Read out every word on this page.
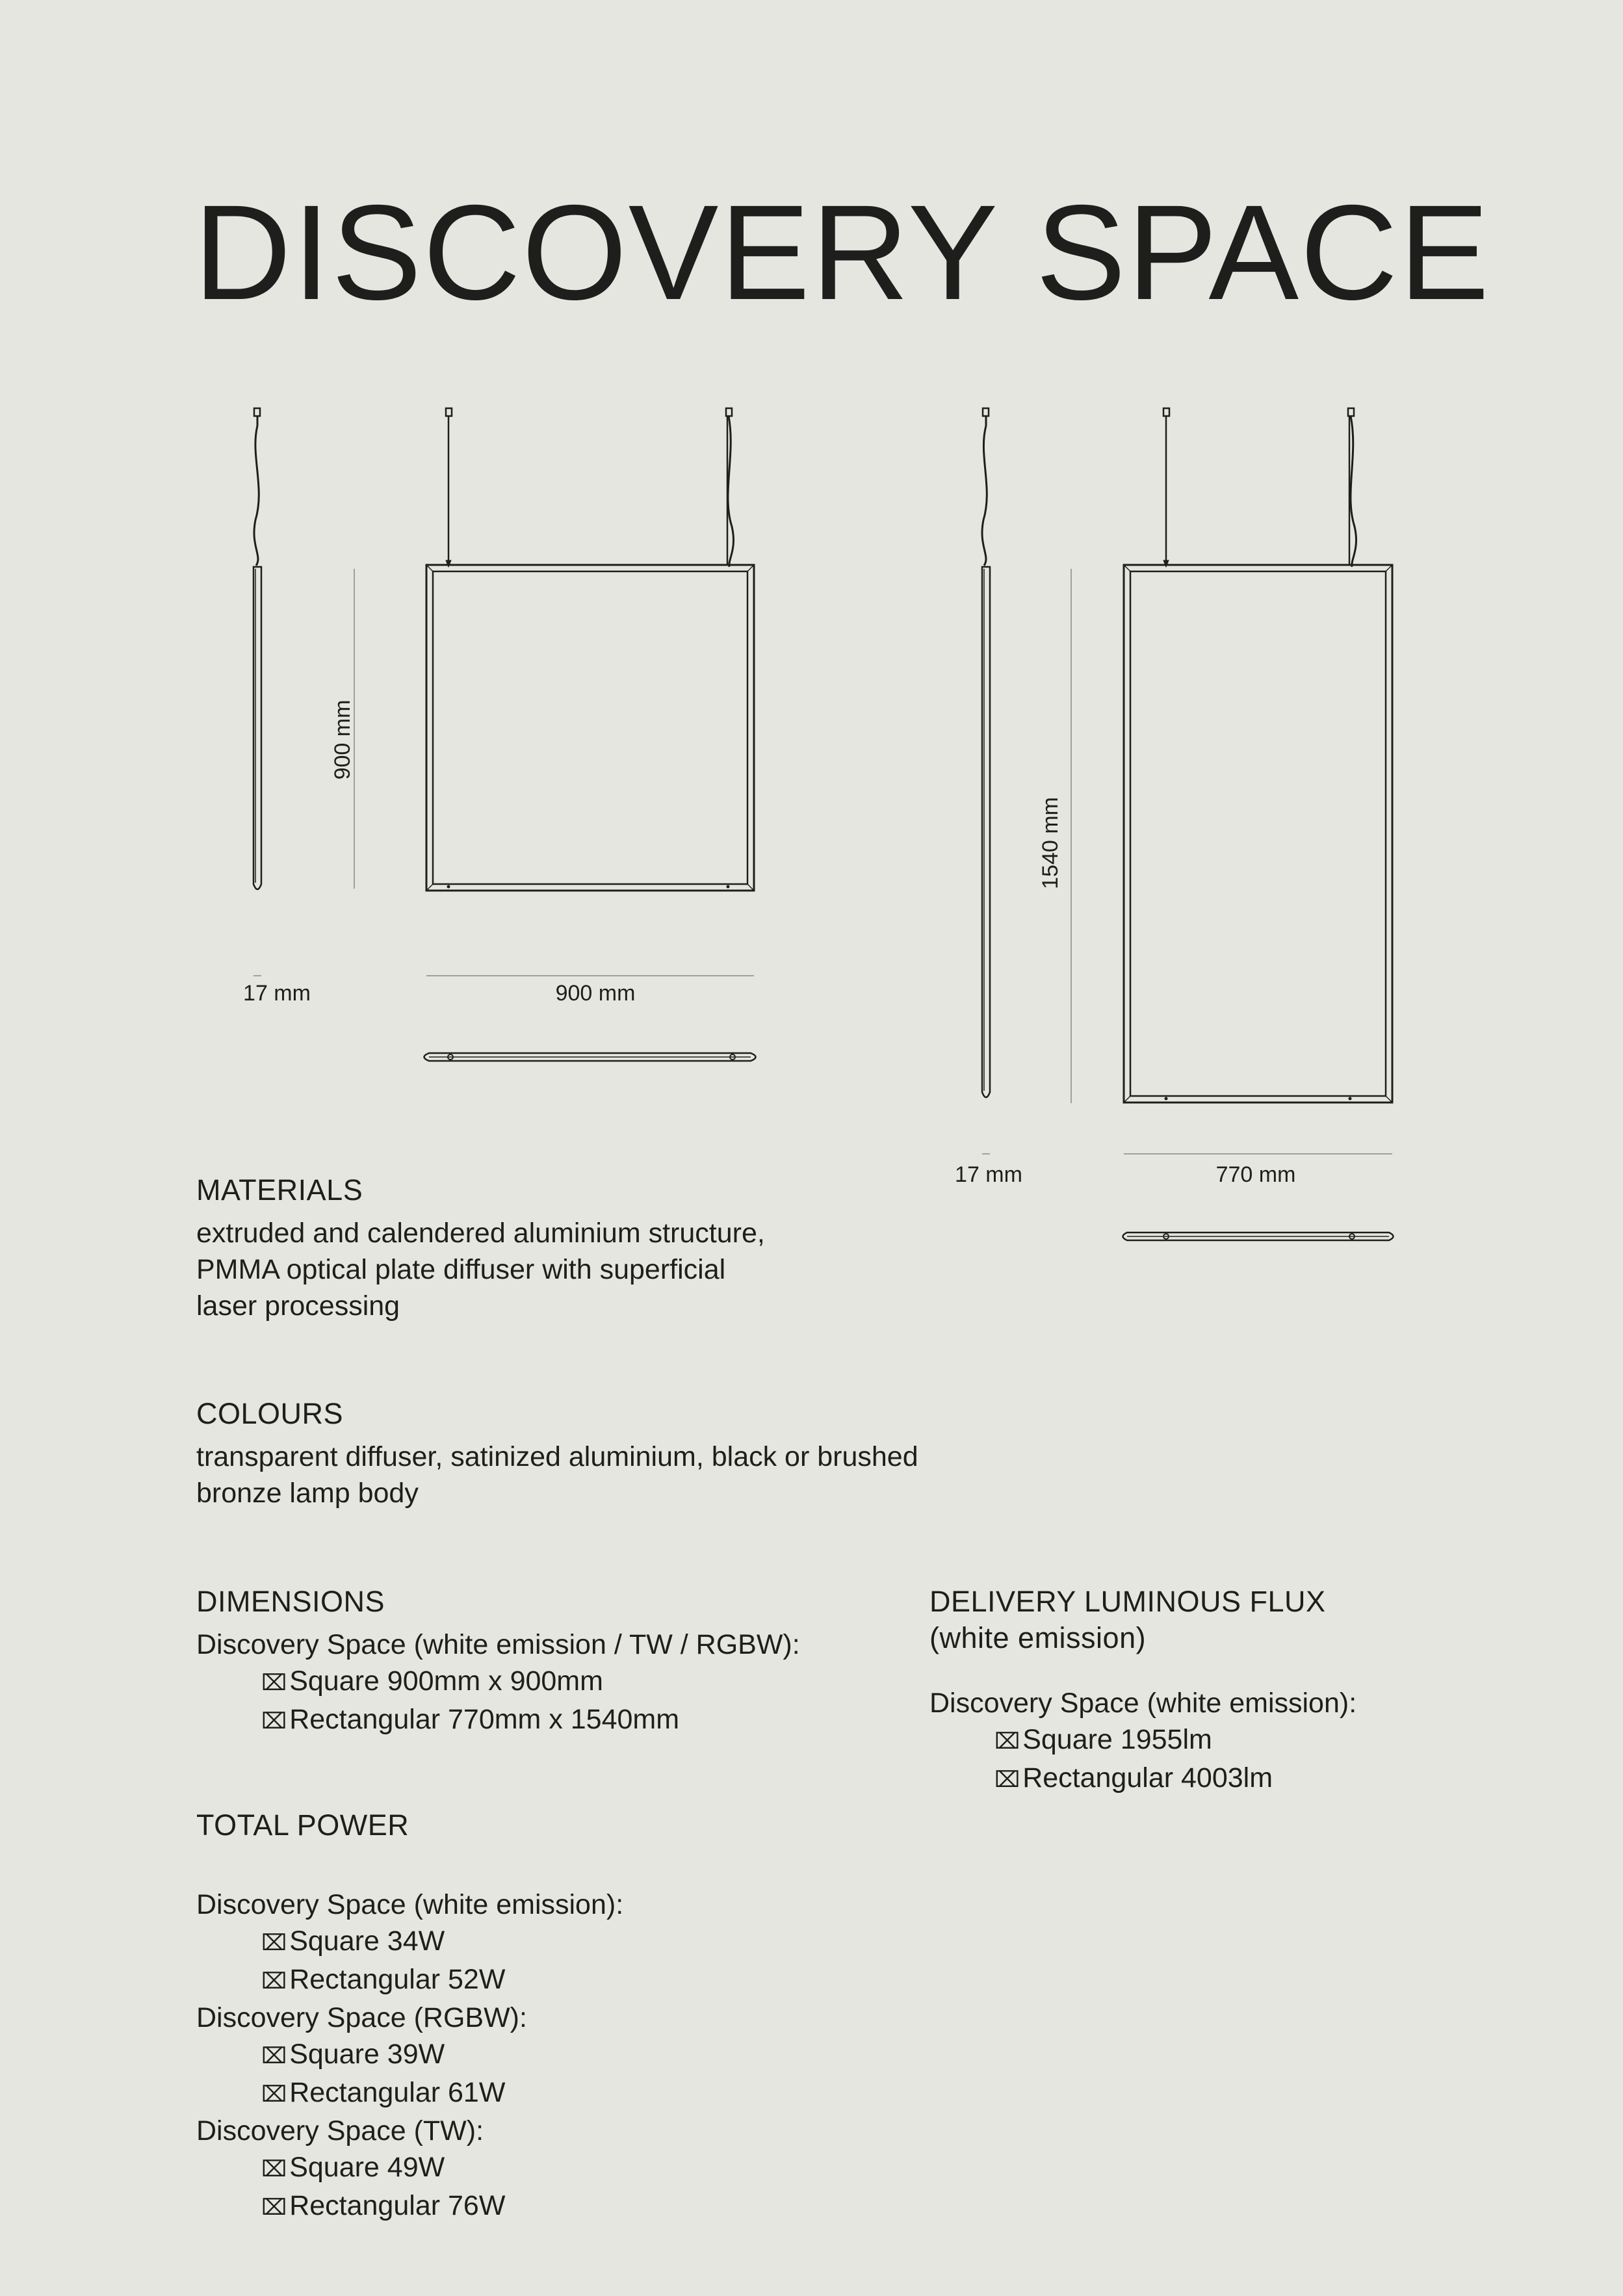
DISCOVERY SPACE
900 mm
900 mm
17 mm
1540 mm
770 mm
17 mm
MATERIALS
extruded and calendered aluminium structure,
PMMA optical plate diffuser with superficial
laser processing
COLOURS
transparent diffuser, satinized aluminium, black or brushed
bronze lamp body
DIMENSIONS
Discovery Space (white emission / TW / RGBW):
⌧Square 900mm x 900mm
⌧Rectangular 770mm x 1540mm
TOTAL POWER
Discovery Space (white emission):
⌧Square 34W
⌧Rectangular 52W
Discovery Space (RGBW):
⌧Square 39W
⌧Rectangular 61W
Discovery Space (TW):
⌧Square 49W
⌧Rectangular 76W
DELIVERY LUMINOUS FLUX
(white emission)
Discovery Space (white emission):
⌧Square 1955lm
⌧Rectangular 4003lm
